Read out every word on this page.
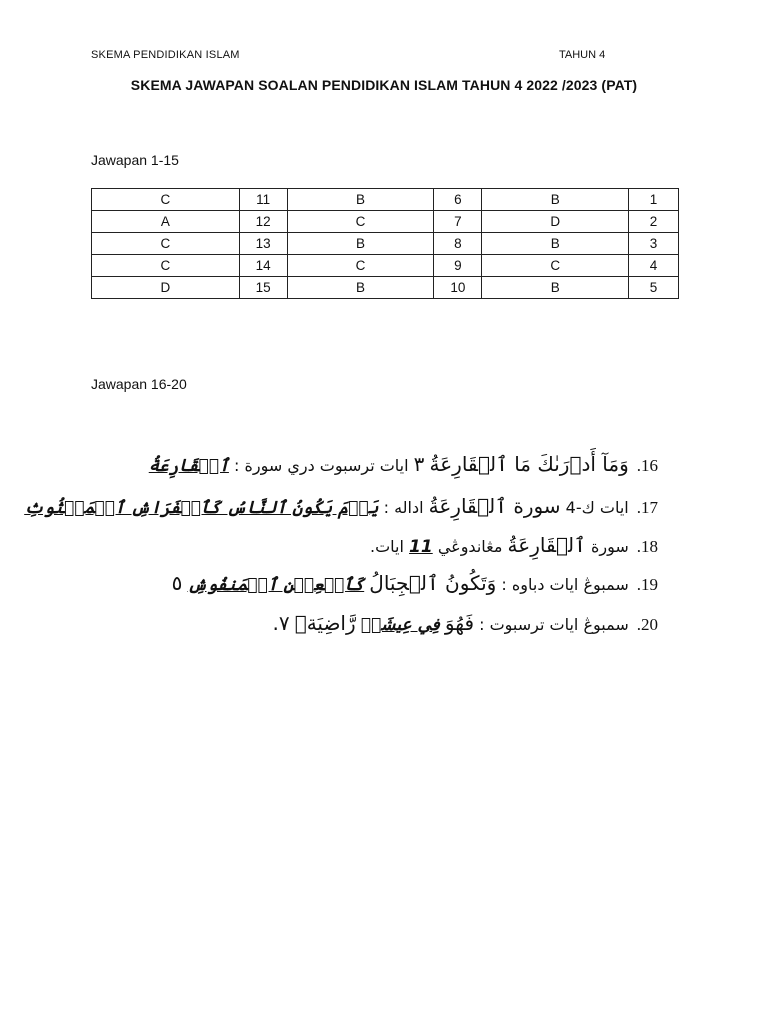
SKEMA PENDIDIKAN ISLAM	TAHUN 4
SKEMA JAWAPAN SOALAN PENDIDIKAN ISLAM TAHUN 4 2022 /2023 (PAT)
Jawapan 1-15
C	11	B	6	B	1
A	12	C	7	D	2
C	13	B	8	B	3
C	14	C	9	C	4
D	15	B	10	B	5
Jawapan 16-20
وَمَآ أَدۡرَىٰكَ مَا ٱلۡقَارِعَةُ ٣ ايات ترسبوت دري سورة : ٱلۡقَارِعَةُ	.16
ايات ك-4 سورة ٱلۡقَارِعَةُ اداله : يَوۡمَ يَكُونُ ٱلنَّاسُ كَٱلۡفَرَاشِ ٱلۡمَبۡثُوثِ	.17
سورة ٱلۡقَارِعَةُ مڠاندوڠي 11 ايات.	.18
سمبوڠ ايات دباوه : وَتَكُونُ ٱلۡجِبَالُ كَٱلۡعِهۡنِ ٱلۡمَنفُوشِ ٥	.19
سمبوڠ ايات ترسبوت : فَهُوَ فِي عِيشَةٖ رَّاضِيَةٖ ٧.	.20
